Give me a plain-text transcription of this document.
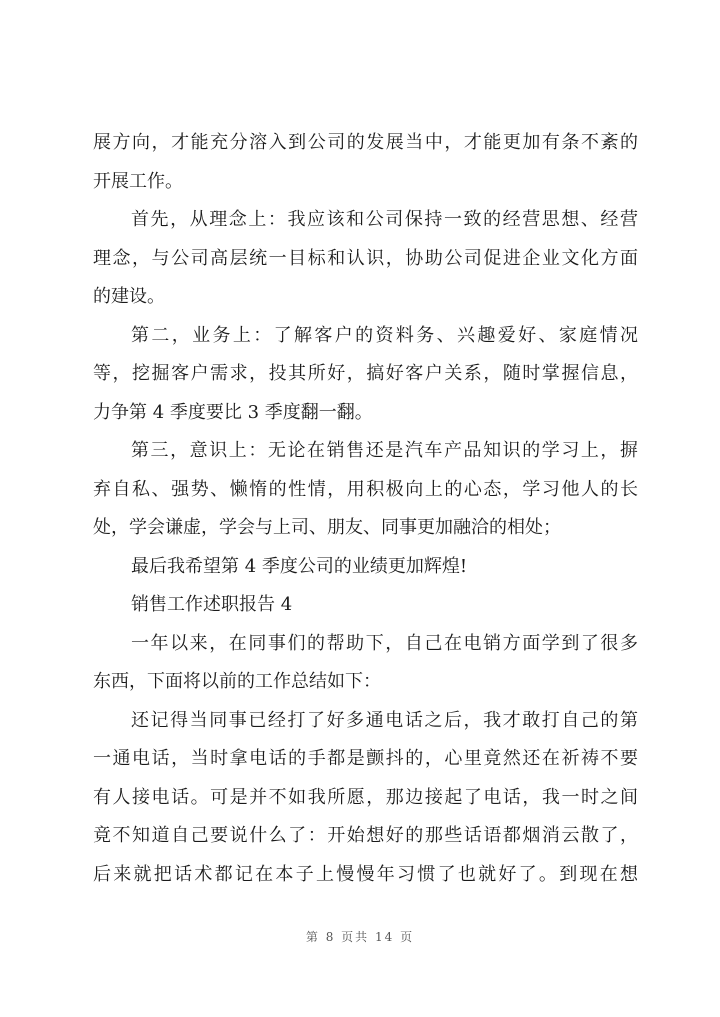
展方向，才能充分溶入到公司的发展当中，才能更加有条不紊的
开展工作。
首先，从理念上：我应该和公司保持一致的经营思想、经营
理念，与公司高层统一目标和认识，协助公司促进企业文化方面
的建设。
第二，业务上：了解客户的资料务、兴趣爱好、家庭情况
等，挖掘客户需求，投其所好，搞好客户关系，随时掌握信息，
力争第 4 季度要比 3 季度翻一翻。
第三，意识上：无论在销售还是汽车产品知识的学习上，摒
弃自私、强势、懒惰的性情，用积极向上的心态，学习他人的长
处，学会谦虚，学会与上司、朋友、同事更加融洽的相处；
最后我希望第 4 季度公司的业绩更加辉煌!
销售工作述职报告 4
一年以来，在同事们的帮助下，自己在电销方面学到了很多
东西，下面将以前的工作总结如下：
还记得当同事已经打了好多通电话之后，我才敢打自己的第
一通电话，当时拿电话的手都是颤抖的，心里竟然还在祈祷不要
有人接电话。可是并不如我所愿，那边接起了电话，我一时之间
竟不知道自己要说什么了：开始想好的那些话语都烟消云散了，
后来就把话术都记在本子上慢慢年习惯了也就好了。到现在想
第 8 页共 14 页
